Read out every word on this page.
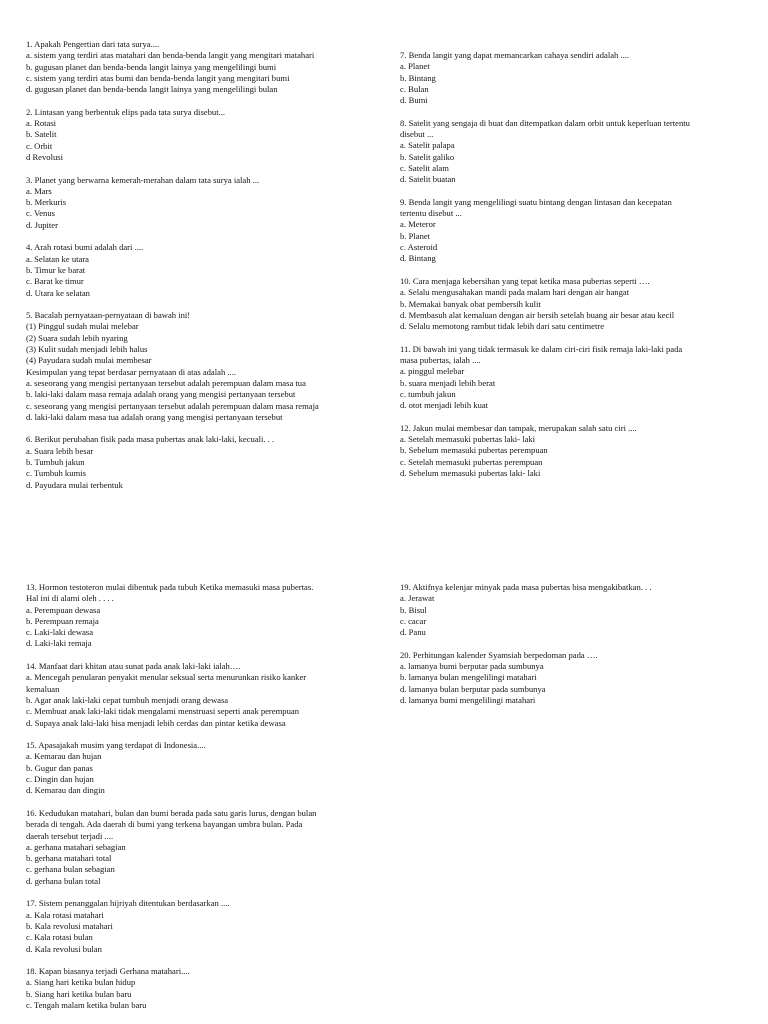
1. Apakah Pengertian dari tata surya....
a. sistem yang terdiri atas matahari dan benda-benda langit yang mengitari matahari
b. gugusan planet dan benda-benda langit lainya yang mengelilingi bumi
c. sistem yang terdiri atas bumi dan benda-benda langit yang mengitari bumi
d. gugusan planet dan benda-benda langit lainya yang mengelilingi bulan
2. Lintasan yang berbentuk elips pada tata surya disebut...
a. Rotasi
b. Satelit
c. Orbit
d Revolusi
3. Planet yang berwarna kemerah-merahan dalam tata surya ialah ...
a. Mars
b. Merkuris
c. Venus
d. Jupiter
4. Arah rotasi bumi adalah dari ....
a. Selatan ke utara
b. Timur ke barat
c. Barat ke timur
d. Utara ke selatan
5. Bacalah pernyataan-pernyataan di bawah ini!
(1) Pinggul sudah mulai melebar
(2) Suara sudah lebih nyaring
(3) Kulit sudah menjadi lebih halus
(4) Payudara sudah mulai membesar
Kesimpulan yang tepat berdasar pernyataan di atas adalah ....
a. seseorang yang mengisi pertanyaan tersebut adalah perempuan dalam masa tua
b. laki-laki dalam masa remaja adalah orang yang mengisi pertanyaan tersebut
c. seseorang yang mengisi pertanyaan tersebut adalah perempuan dalam masa remaja
d. laki-laki dalam masa tua adalah orang yang mengisi pertanyaan tersebut
6. Berikut perubahan fisik pada masa pubertas anak laki-laki, kecuali. . .
a. Suara lebih besar
b. Tumbuh jakun
c. Tumbuh kumis
d. Payudara mulai terbentuk
7. Benda langit yang dapat memancarkan cahaya sendiri adalah ....
a. Planet
b. Bintang
c. Bulan
d. Bumi
8. Satelit yang sengaja di buat dan ditempatkan dalam orbit untuk keperluan tertentu
disebut ...
a. Satelit palapa
b. Satelit galiko
c. Satelit alam
d. Satelit buatan
9. Benda langit yang mengelilingi suatu bintang dengan lintasan dan kecepatan
tertentu disebut ...
a. Meteror
b. Planet
c. Asteroid
d. Bintang
10. Cara menjaga kebersihan yang tepat ketika masa pubertas seperti ….
a. Selalu mengusahakan mandi pada malam hari dengan air hangat
b. Memakai banyak obat pembersih kulit
d. Membasuh alat kemaluan dengan air bersih setelah buang air besar atau kecil
d. Selalu memotong rambut tidak lebih dari satu centimetre
11. Di bawah ini yang tidak termasuk ke dalam ciri-ciri fisik remaja laki-laki pada
masa pubertas, ialah ....
a. pinggul melebar
b. suara menjadi lebih berat
c. tumbuh jakun
d. otot menjadi lebih kuat
12. Jakun mulai membesar dan tampak, merupakan salah satu ciri ....
a. Setelah memasuki pubertas laki- laki
b. Sebelum memasuki pubertas perempuan
c. Setelah memasuki pubertas perempuan
d. Sebelum memasuki pubertas laki- laki
13. Hormon testoteron mulai dibentuk pada tubuh Ketika memasuki masa pubertas.
Hal ini di alami oleh . . . .
a. Perempuan dewasa
b. Perempuan remaja
c. Laki-laki dewasa
d. Laki-laki remaja
14. Manfaat dari khitan atau sunat pada anak laki-laki ialah….
a. Mencegah penularan penyakit menular seksual serta menurunkan risiko kanker
kemaluan
b. Agar anak laki-laki cepat tumbuh menjadi orang dewasa
c. Membuat anak laki-laki tidak mengalami menstruasi seperti anak perempuan
d. Supaya anak laki-laki bisa menjadi lebih cerdas dan pintar ketika dewasa
15. Apasajakah musim yang terdapat di Indonesia....
a. Kemarau dan hujan
b. Gugur dan panas
c. Dingin dan hujan
d. Kemarau dan dingin
16. Kedudukan matahari, bulan dan bumi berada pada satu garis lurus, dengan bulan
berada di tengah. Ada daerah di bumi yang terkena bayangan umbra bulan. Pada
daerah tersebut terjadi ....
a. gerhana matahari sebagian
b. gerhana matahari total
c. gerhana bulan sebagian
d. gerhana bulan total
17. Sistem penanggalan hijriyah ditentukan berdasarkan ....
a. Kala rotasi matahari
b. Kala revolusi matahari
c. Kala rotasi bulan
d. Kala revolusi bulan
18. Kapan biasanya terjadi Gerhana matahari....
a. Siang hari ketika bulan hidup
b. Siang hari ketika bulan baru
c. Tengah malam ketika bulan baru
19. Aktifnya kelenjar minyak pada masa pubertas bisa mengakibatkan. . .
a. Jerawat
b. Bisul
c. cacar
d. Panu
20. Perhitungan kalender Syamsiah berpedoman pada ….
a. lamanya bumi berputar pada sumbunya
b. lamanya bulan mengelilingi matahari
d. lamanya bulan berputar pada sumbunya
d. lamanya bumi mengelilingi matahari
